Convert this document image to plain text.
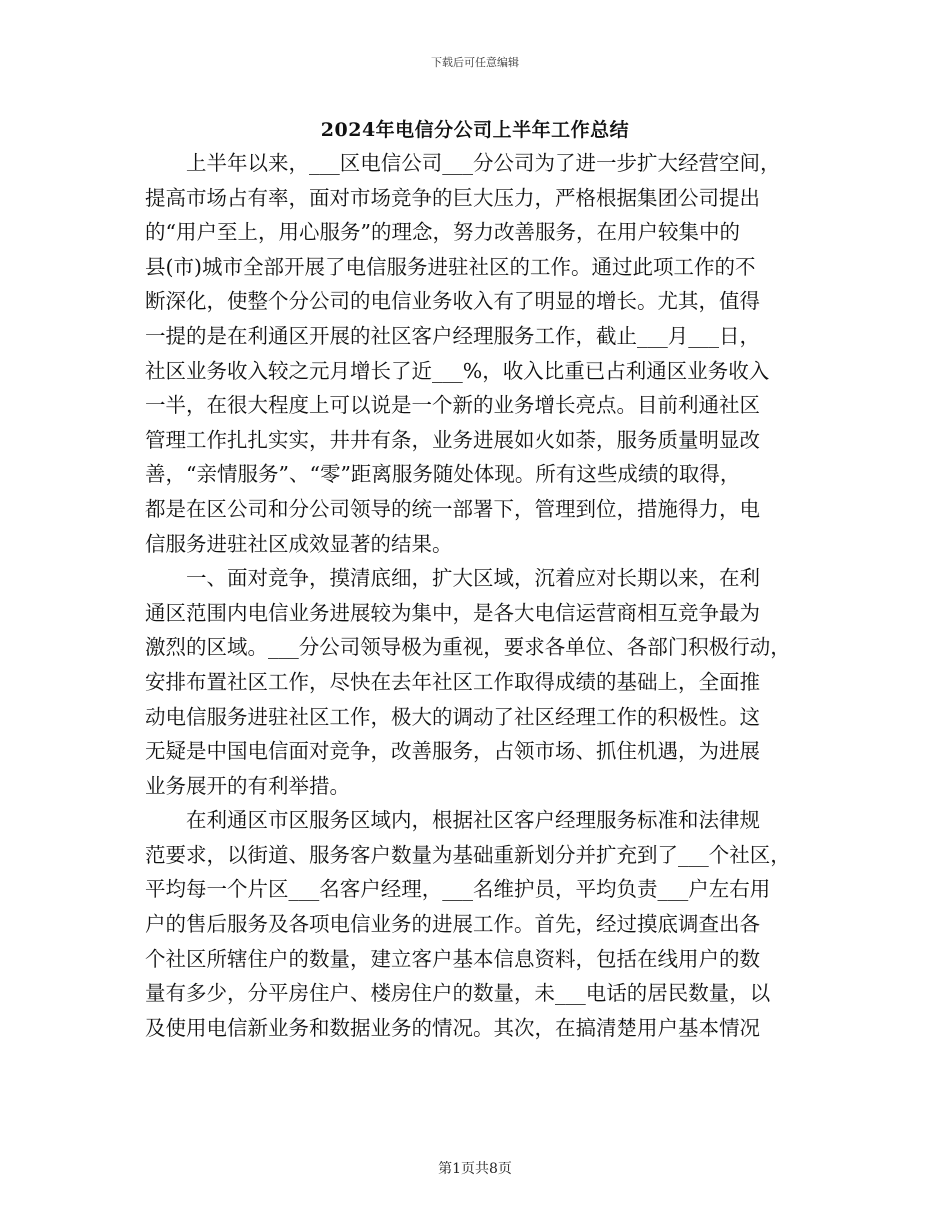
下载后可任意编辑
2024年电信分公司上半年工作总结
上半年以来，___区电信公司___分公司为了进一步扩大经营空间，
提高市场占有率，面对市场竞争的巨大压力，严格根据集团公司提出
的“用户至上，用心服务”的理念，努力改善服务，在用户较集中的
县(市)城市全部开展了电信服务进驻社区的工作。通过此项工作的不
断深化，使整个分公司的电信业务收入有了明显的增长。尤其，值得
一提的是在利通区开展的社区客户经理服务工作，截止___月___日，
社区业务收入较之元月增长了近___%，收入比重已占利通区业务收入
一半，在很大程度上可以说是一个新的业务增长亮点。目前利通社区
管理工作扎扎实实，井井有条，业务进展如火如荼，服务质量明显改
善，“亲情服务”、“零”距离服务随处体现。所有这些成绩的取得，
都是在区公司和分公司领导的统一部署下，管理到位，措施得力，电
信服务进驻社区成效显著的结果。
一、面对竞争，摸清底细，扩大区域，沉着应对长期以来，在利
通区范围内电信业务进展较为集中，是各大电信运营商相互竞争最为
激烈的区域。___分公司领导极为重视，要求各单位、各部门积极行动，
安排布置社区工作，尽快在去年社区工作取得成绩的基础上，全面推
动电信服务进驻社区工作，极大的调动了社区经理工作的积极性。这
无疑是中国电信面对竞争，改善服务，占领市场、抓住机遇，为进展
业务展开的有利举措。
在利通区市区服务区域内，根据社区客户经理服务标准和法律规
范要求，以街道、服务客户数量为基础重新划分并扩充到了___个社区，
平均每一个片区___名客户经理，___名维护员，平均负责___户左右用
户的售后服务及各项电信业务的进展工作。首先，经过摸底调查出各
个社区所辖住户的数量，建立客户基本信息资料，包括在线用户的数
量有多少，分平房住户、楼房住户的数量，未___电话的居民数量，以
及使用电信新业务和数据业务的情况。其次，在搞清楚用户基本情况
第1页共8页
